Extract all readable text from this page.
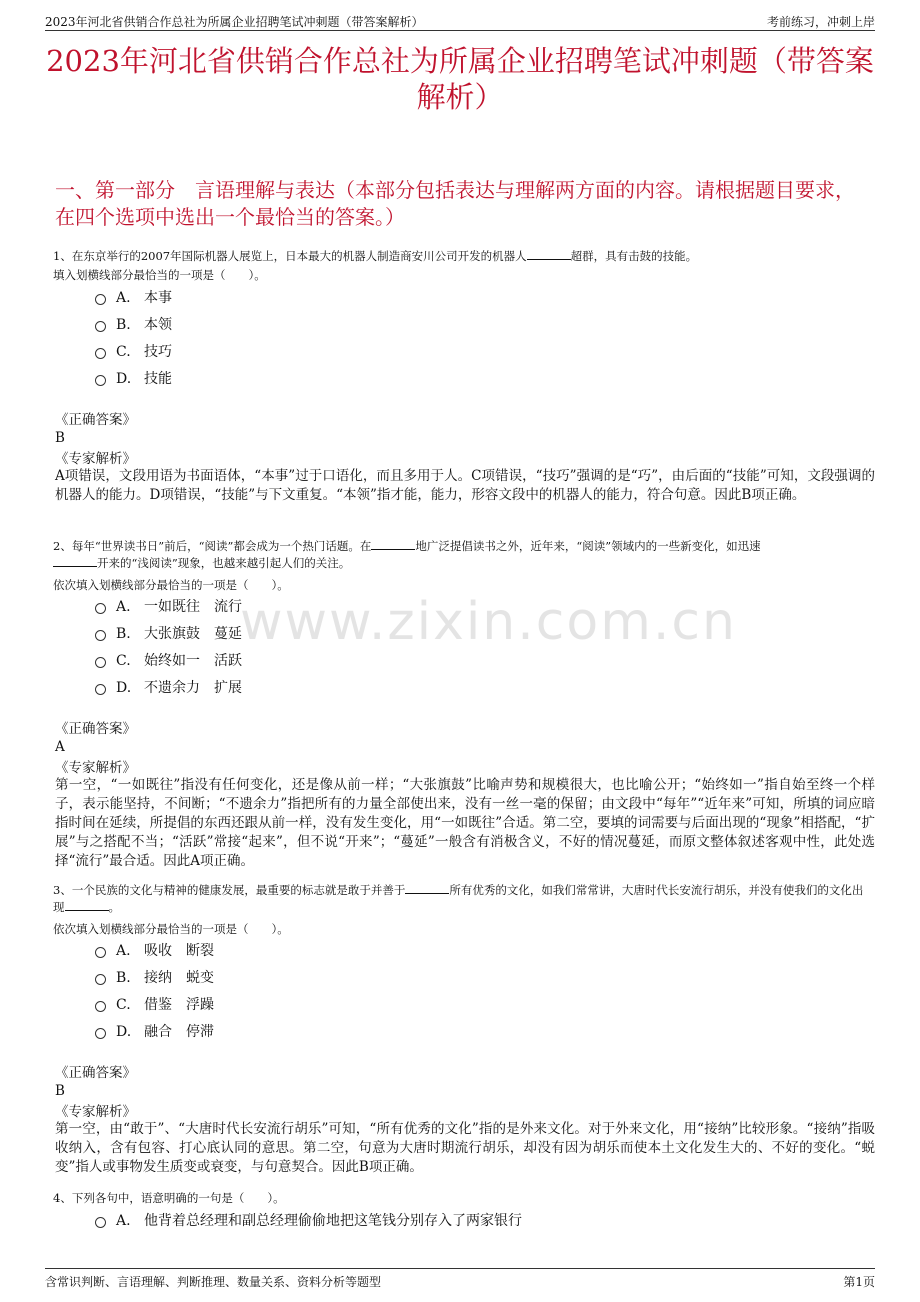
2023年河北省供销合作总社为所属企业招聘笔试冲刺题（带答案解析）	考前练习，冲刺上岸
2023年河北省供销合作总社为所属企业招聘笔试冲刺题（带答案解析）
一、第一部分　言语理解与表达（本部分包括表达与理解两方面的内容。请根据题目要求，在四个选项中选出一个最恰当的答案。）
www.zixin.com.cn
1、在东京举行的2007年国际机器人展览上，日本最大的机器人制造商安川公司开发的机器人	超群，具有击鼓的技能。
填入划横线部分最恰当的一项是（　　）。
A. 本事
B. 本领
C. 技巧
D. 技能
《正确答案》
B
《专家解析》
A项错误，文段用语为书面语体，“本事”过于口语化，而且多用于人。C项错误，“技巧”强调的是“巧”，由后面的“技能”可知，文段强调的机器人的能力。D项错误，“技能”与下文重复。“本领”指才能，能力，形容文段中的机器人的能力，符合句意。因此B项正确。
2、每年“世界读书日”前后，“阅读”都会成为一个热门话题。在	地广泛提倡读书之外，近年来，“阅读”领域内的一些新变化，如迅速
开来的“浅阅读”现象，也越来越引起人们的关注。
依次填入划横线部分最恰当的一项是（　　）。
A. 一如既往　流行
B. 大张旗鼓　蔓延
C. 始终如一　活跃
D. 不遗余力　扩展
《正确答案》
A
《专家解析》
第一空，“一如既往”指没有任何变化，还是像从前一样；“大张旗鼓”比喻声势和规模很大，也比喻公开；“始终如一”指自始至终一个样子，表示能坚持，不间断；“不遗余力”指把所有的力量全部使出来，没有一丝一毫的保留；由文段中“每年”“近年来”可知，所填的词应暗指时间在延续，所提倡的东西还跟从前一样，没有发生变化，用“一如既往”合适。第二空，要填的词需要与后面出现的“现象”相搭配，“扩展”与之搭配不当；“活跃”常接“起来”，但不说“开来”；“蔓延”一般含有消极含义，不好的情况蔓延，而原文整体叙述客观中性，此处选择“流行”最合适。因此A项正确。
3、一个民族的文化与精神的健康发展，最重要的标志就是敢于并善于	所有优秀的文化，如我们常常讲，大唐时代长安流行胡乐，并没有使我们的文化出现	。
依次填入划横线部分最恰当的一项是（　　）。
A. 吸收　断裂
B. 接纳　蜕变
C. 借鉴　浮躁
D. 融合　停滞
《正确答案》
B
《专家解析》
第一空，由“敢于”、“大唐时代长安流行胡乐”可知，“所有优秀的文化”指的是外来文化。对于外来文化，用“接纳”比较形象。“接纳”指吸收纳入，含有包容、打心底认同的意思。第二空，句意为大唐时期流行胡乐，却没有因为胡乐而使本土文化发生大的、不好的变化。“蜕变”指人或事物发生质变或衰变，与句意契合。因此B项正确。
4、下列各句中，语意明确的一句是（　　）。
A. 他背着总经理和副总经理偷偷地把这笔钱分别存入了两家银行
含常识判断、言语理解、判断推理、数量关系、资料分析等题型	第1页
